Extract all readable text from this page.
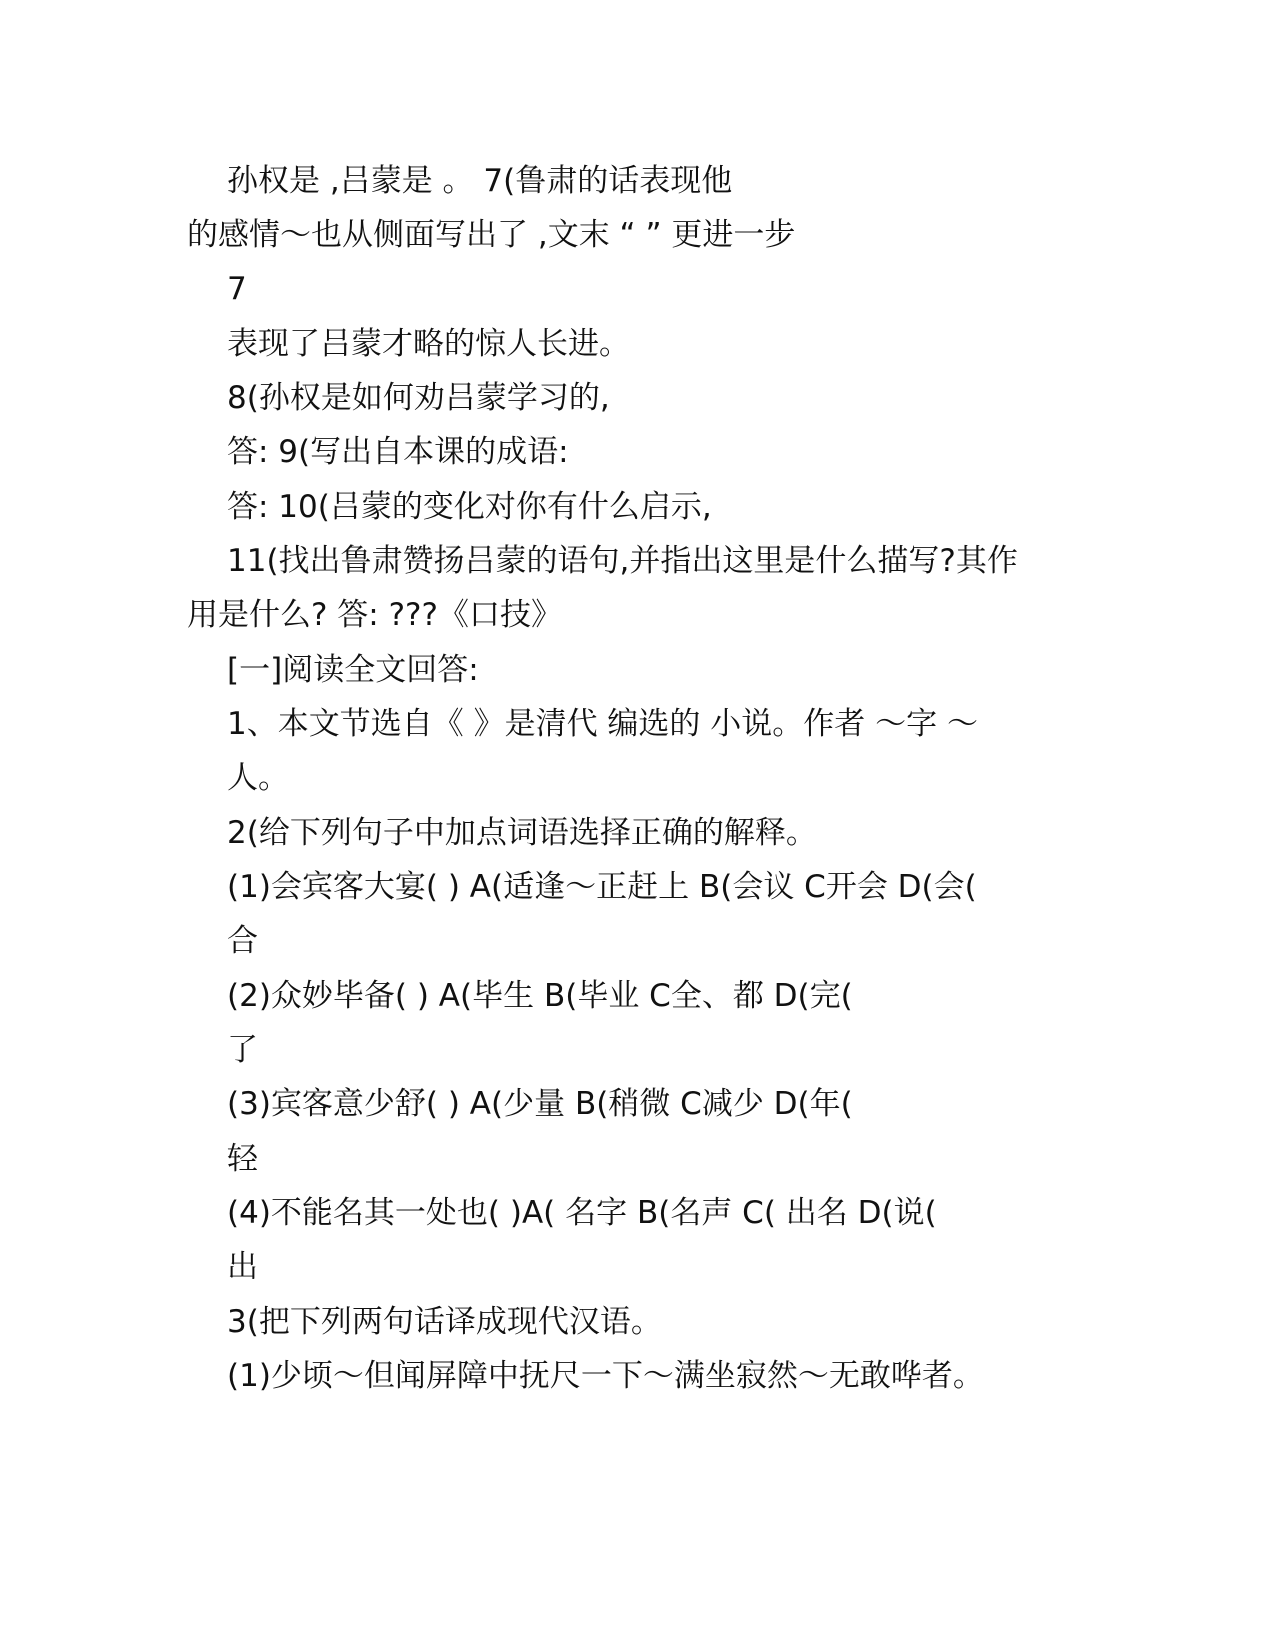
孙权是 ,吕蒙是 。 7(鲁肃的话表现他
的感情～也从侧面写出了 ,文末 “ ” 更进一步
7
表现了吕蒙才略的惊人长进。
8(孙权是如何劝吕蒙学习的,
答: 9(写出自本课的成语:
答: 10(吕蒙的变化对你有什么启示,
11(找出鲁肃赞扬吕蒙的语句,并指出这里是什么描写?其作
用是什么? 答: ???《口技》
[一]阅读全文回答:
1、本文节选自《 》是清代 编选的 小说。作者 ～字 ～
人。
2(给下列句子中加点词语选择正确的解释。
(1)会宾客大宴( ) A(适逢～正赶上 B(会议 C开会 D(会(
合
(2)众妙毕备( ) A(毕生 B(毕业 C全、都 D(完(
了
(3)宾客意少舒( ) A(少量 B(稍微 C减少 D(年(
轻
(4)不能名其一处也( )A( 名字 B(名声 C( 出名 D(说(
出
3(把下列两句话译成现代汉语。
(1)少顷～但闻屏障中抚尺一下～满坐寂然～无敢哗者。
